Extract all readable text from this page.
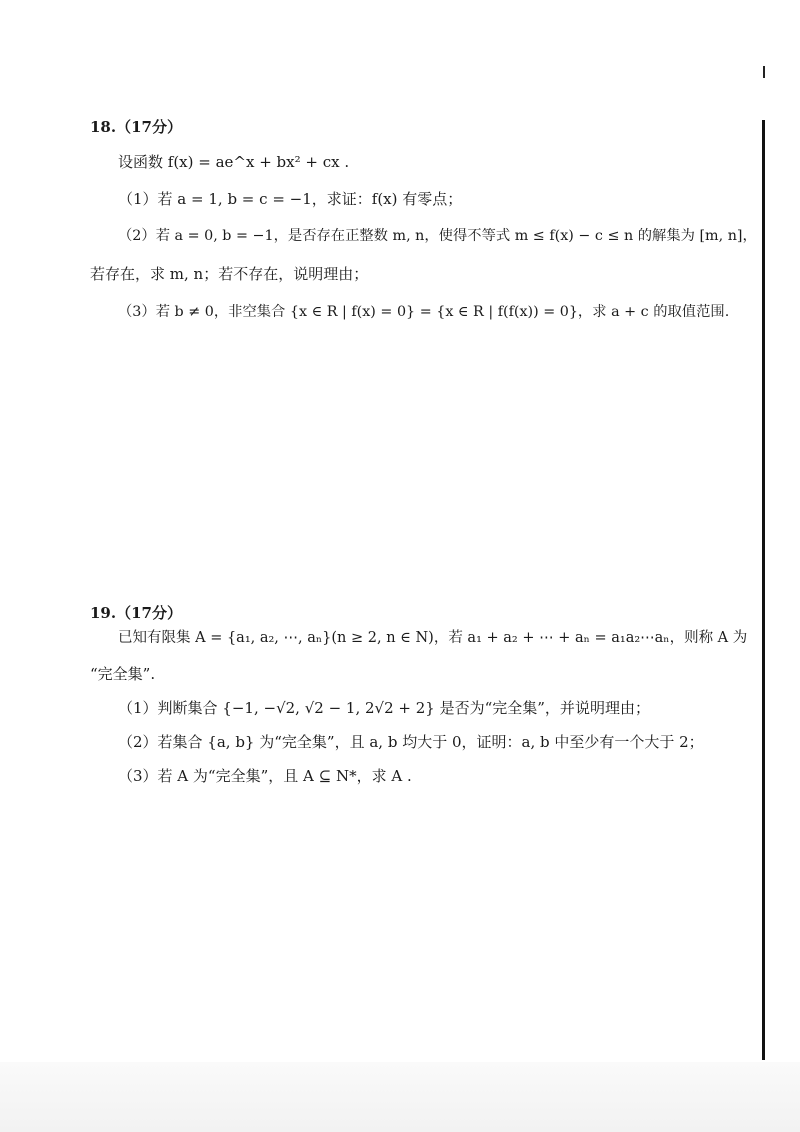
18.（17分）
设函数 f(x) = ae^x + bx² + cx .
（1）若 a = 1, b = c = −1，求证：f(x) 有零点；
（2）若 a = 0, b = −1，是否存在正整数 m, n，使得不等式 m ≤ f(x) − c ≤ n 的解集为 [m, n]，
若存在，求 m, n；若不存在，说明理由；
（3）若 b ≠ 0，非空集合 {x ∈ R | f(x) = 0} = {x ∈ R | f(f(x)) = 0}，求 a + c 的取值范围.
19.（17分）
已知有限集 A = {a₁, a₂, ⋯, aₙ}(n ≥ 2, n ∈ N)，若 a₁ + a₂ + ⋯ + aₙ = a₁a₂⋯aₙ，则称 A 为
“完全集”.
（1）判断集合 {−1, −√2, √2 − 1, 2√2 + 2} 是否为“完全集”，并说明理由；
（2）若集合 {a, b} 为“完全集”，且 a, b 均大于 0，证明：a, b 中至少有一个大于 2；
（3）若 A 为“完全集”，且 A ⊆ N*，求 A .
